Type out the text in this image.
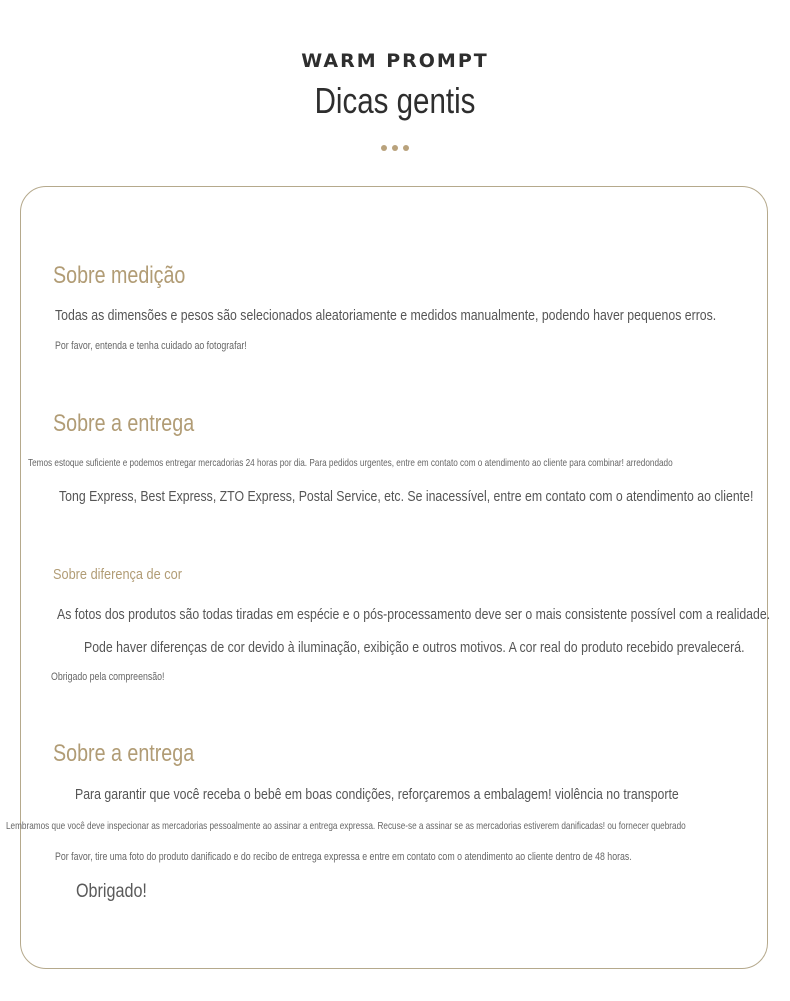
WARM PROMPT
Dicas gentis
Sobre medição
Todas as dimensões e pesos são selecionados aleatoriamente e medidos manualmente, podendo haver pequenos erros.
Por favor, entenda e tenha cuidado ao fotografar!
Sobre a entrega
Temos estoque suficiente e podemos entregar mercadorias 24 horas por dia. Para pedidos urgentes, entre em contato com o atendimento ao cliente para combinar! arredondado
Tong Express, Best Express, ZTO Express, Postal Service, etc. Se inacessível, entre em contato com o atendimento ao cliente!
Sobre diferença de cor
As fotos dos produtos são todas tiradas em espécie e o pós-processamento deve ser o mais consistente possível com a realidade.
Pode haver diferenças de cor devido à iluminação, exibição e outros motivos. A cor real do produto recebido prevalecerá.
Obrigado pela compreensão!
Sobre a entrega
Para garantir que você receba o bebê em boas condições, reforçaremos a embalagem! violência no transporte
Lembramos que você deve inspecionar as mercadorias pessoalmente ao assinar a entrega expressa. Recuse-se a assinar se as mercadorias estiverem danificadas! ou fornecer quebrado
Por favor, tire uma foto do produto danificado e do recibo de entrega expressa e entre em contato com o atendimento ao cliente dentro de 48 horas.
Obrigado!
